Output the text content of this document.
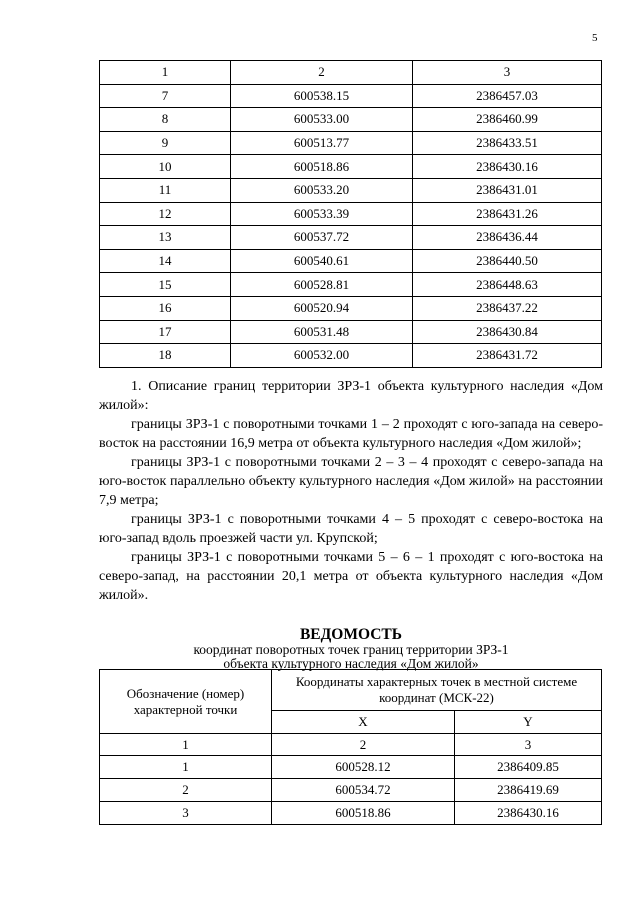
5
1	2	3
7	600538.15	2386457.03
8	600533.00	2386460.99
9	600513.77	2386433.51
10	600518.86	2386430.16
11	600533.20	2386431.01
12	600533.39	2386431.26
13	600537.72	2386436.44
14	600540.61	2386440.50
15	600528.81	2386448.63
16	600520.94	2386437.22
17	600531.48	2386430.84
18	600532.00	2386431.72
1. Описание границ территории ЗРЗ-1 объекта культурного наследия «Дом жилой»:
границы ЗРЗ-1 с поворотными точками 1 – 2 проходят с юго-запада на северо-восток на расстоянии 16,9 метра от объекта культурного наследия «Дом жилой»;
границы ЗРЗ-1 с поворотными точками 2 – 3 – 4 проходят с северо-запада на юго-восток параллельно объекту культурного наследия «Дом жилой» на расстоянии 7,9 метра;
границы ЗРЗ-1 с поворотными точками 4 – 5 проходят с северо-востока на юго-запад вдоль проезжей части ул. Крупской;
границы ЗРЗ-1 с поворотными точками 5 – 6 – 1 проходят с юго-востока на северо-запад, на расстоянии 20,1 метра от объекта культурного наследия «Дом жилой».
ВЕДОМОСТЬ
координат поворотных точек границ территории ЗРЗ-1
объекта культурного наследия «Дом жилой»
Обозначение (номер) характерной точки	Координаты характерных точек в местной системе координат (МСК-22)	
	X	Y
1	2	3
1	600528.12	2386409.85
2	600534.72	2386419.69
3	600518.86	2386430.16
